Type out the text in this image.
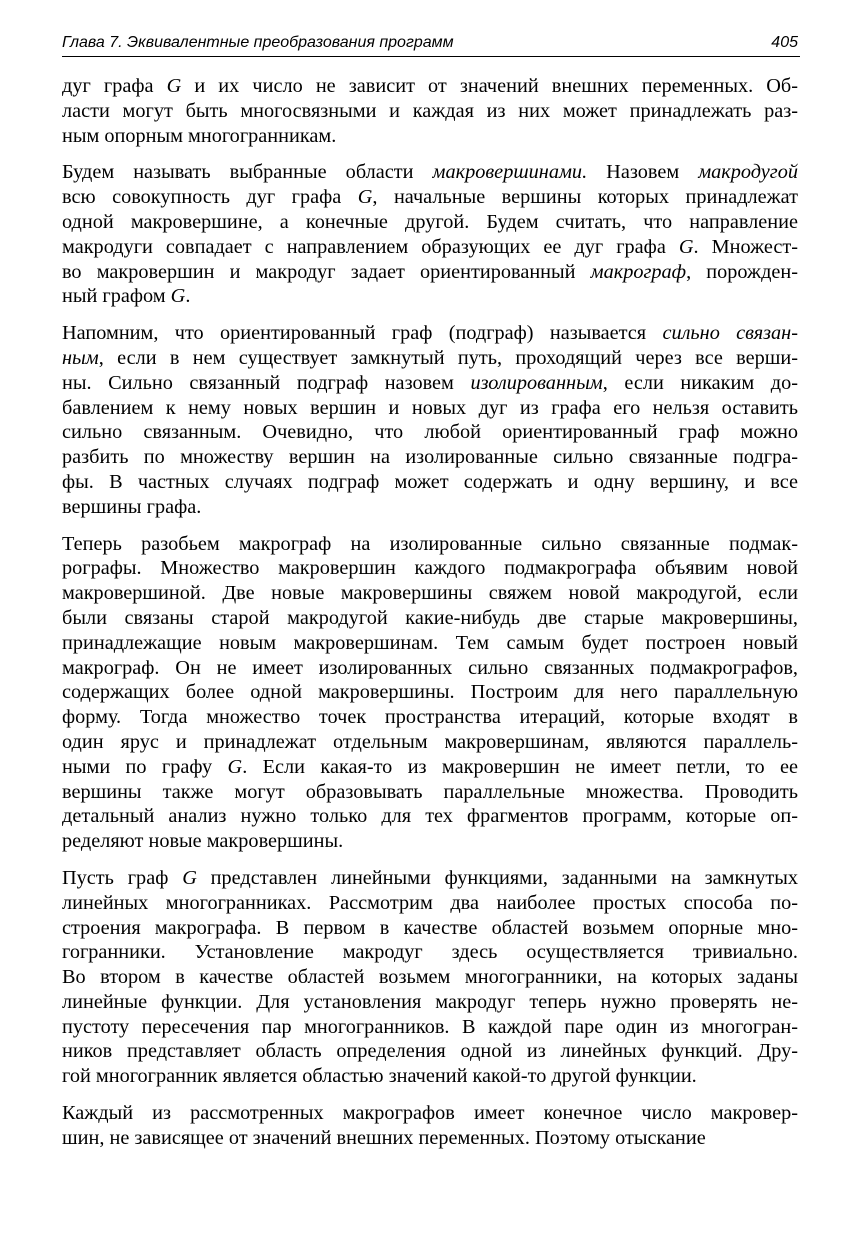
Глава 7. Эквивалентные преобразования программ	405
дуг графа G и их число не зависит от значений внешних переменных. Об-
ласти могут быть многосвязными и каждая из них может принадлежать раз-
ным опорным многогранникам.
Будем называть выбранные области макровершинами. Назовем макродугой
всю совокупность дуг графа G, начальные вершины которых принадлежат
одной макровершине, а конечные другой. Будем считать, что направление
макродуги совпадает с направлением образующих ее дуг графа G. Множест-
во макровершин и макродуг задает ориентированный макрограф, порожден-
ный графом G.
Напомним, что ориентированный граф (подграф) называется сильно связан-
ным, если в нем существует замкнутый путь, проходящий через все верши-
ны. Сильно связанный подграф назовем изолированным, если никаким до-
бавлением к нему новых вершин и новых дуг из графа его нельзя оставить
сильно связанным. Очевидно, что любой ориентированный граф можно
разбить по множеству вершин на изолированные сильно связанные подгра-
фы. В частных случаях подграф может содержать и одну вершину, и все
вершины графа.
Теперь разобьем макрограф на изолированные сильно связанные подмак-
рографы. Множество макровершин каждого подмакрографа объявим новой
макровершиной. Две новые макровершины свяжем новой макродугой, если
были связаны старой макродугой какие-нибудь две старые макровершины,
принадлежащие новым макровершинам. Тем самым будет построен новый
макрограф. Он не имеет изолированных сильно связанных подмакрографов,
содержащих более одной макровершины. Построим для него параллельную
форму. Тогда множество точек пространства итераций, которые входят в
один ярус и принадлежат отдельным макровершинам, являются параллель-
ными по графу G. Если какая-то из макровершин не имеет петли, то ее
вершины также могут образовывать параллельные множества. Проводить
детальный анализ нужно только для тех фрагментов программ, которые оп-
ределяют новые макровершины.
Пусть граф G представлен линейными функциями, заданными на замкнутых
линейных многогранниках. Рассмотрим два наиболее простых способа по-
строения макрографа. В первом в качестве областей возьмем опорные мно-
гогранники. Установление макродуг здесь осуществляется тривиально.
Во втором в качестве областей возьмем многогранники, на которых заданы
линейные функции. Для установления макродуг теперь нужно проверять не-
пустоту пересечения пар многогранников. В каждой паре один из многогран-
ников представляет область определения одной из линейных функций. Дру-
гой многогранник является областью значений какой-то другой функции.
Каждый из рассмотренных макрографов имеет конечное число макровер-
шин, не зависящее от значений внешних переменных. Поэтому отыскание
